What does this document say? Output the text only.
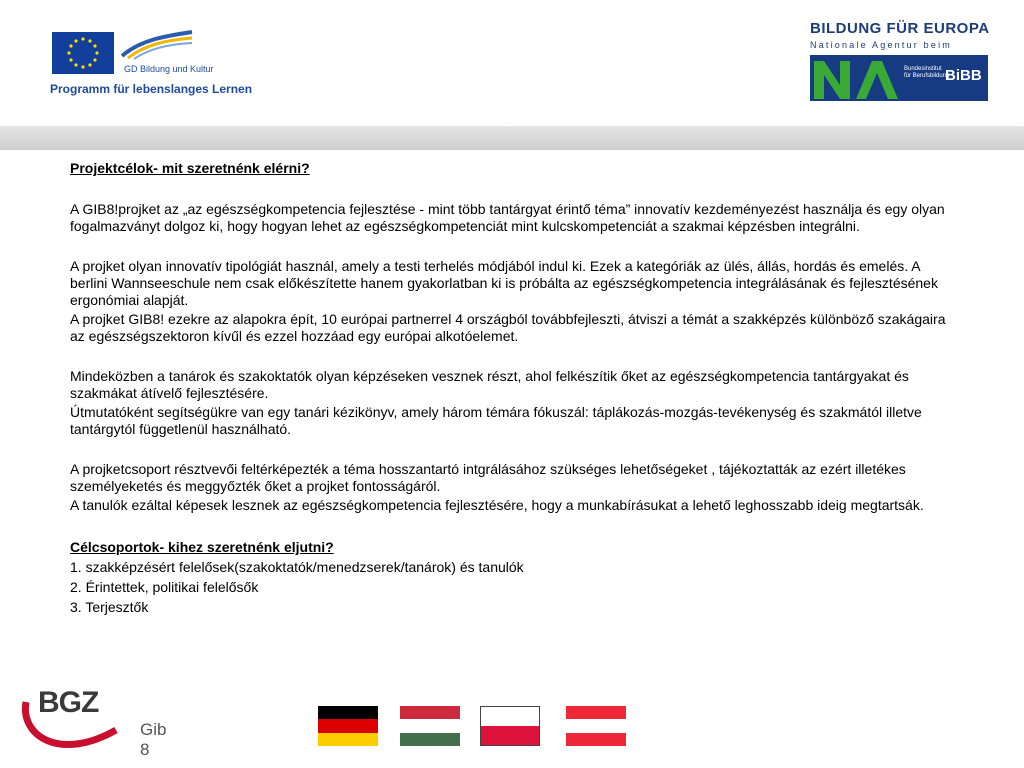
GD Bildung und Kultur
Programm für lebenslanges Lernen
BILDUNG FÜR EUROPA
Nationale Agentur beim
Bundesinstitut
für Berufsbildung
BiBB

Projektcélok- mit szeretnénk elérni?

A GIB8!projket az „az egészségkompetencia fejlesztése - mint több tantárgyat érintő téma” innovatív kezdeményezést használja és egy olyan fogalmazványt dolgoz ki, hogy hogyan lehet az egészségkompetenciát mint kulcskompetenciát a szakmai képzésben integrálni.

A projket olyan innovatív tipológiát használ, amely a testi terhelés módjából indul ki. Ezek a kategóriák az ülés, állás, hordás és emelés. A berlini Wannseeschule nem csak előkészítette hanem gyakorlatban ki is próbálta az egészségkompetencia integrálásának és fejlesztésének ergonómiai alapját.

A projket GIB8! ezekre az alapokra épít, 10 európai partnerrel 4 országból továbbfejleszti, átviszi a témát a szakképzés különböző szakágaira az egészségszektoron kívűl és ezzel hozzáad egy európai alkotóelemet.

Mindeközben a tanárok és szakoktatók olyan képzéseken vesznek részt, ahol felkészítik őket az egészségkompetencia tantárgyakat és szakmákat átívelő fejlesztésére.

Útmutatóként segítségükre van egy tanári kézikönyv, amely három témára fókuszál: táplákozás-mozgás-tevékenység és szakmától illetve tantárgytól függetlenül használható.

A projketcsoport résztvevői feltérképezték a téma hosszantartó intgrálásához szükséges lehetőségeket , tájékoztatták az ezért illetékes személyeketés és meggyőzték őket a projket fontosságáról.

A tanulók ezáltal képesek lesznek az egészségkompetencia fejlesztésére, hogy a munkabírásukat a lehető leghosszabb ideig megtartsák.

Célcsoportok- kihez szeretnénk eljutni?

1. szakképzésért felelősek(szakoktatók/menedzserek/tanárok) és tanulók

2. Érintettek, politikai felelősők

3. Terjesztők

BGZ
Gib 8
